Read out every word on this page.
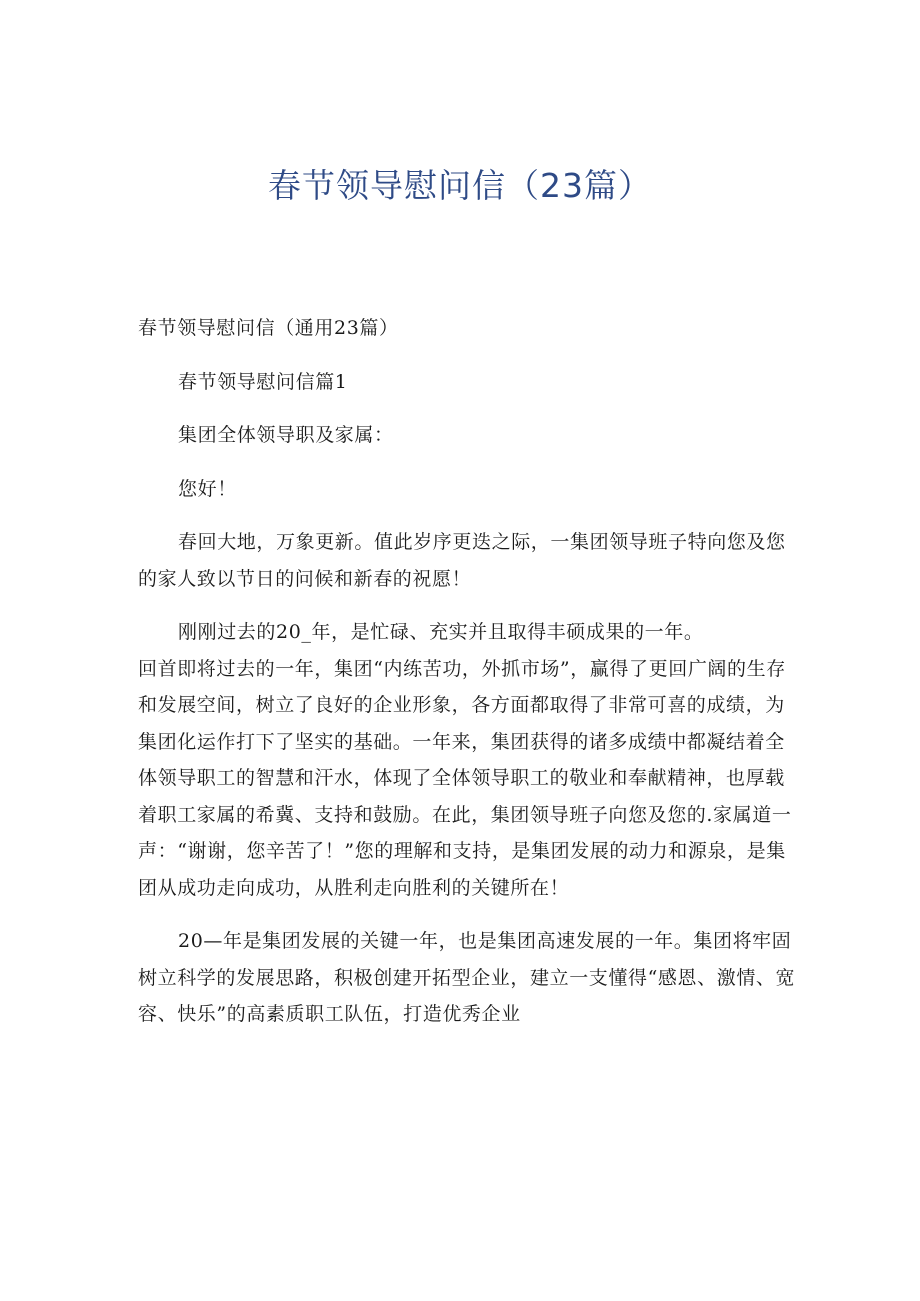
春节领导慰问信（23篇）

春节领导慰问信（通用23篇）

春节领导慰问信篇1

集团全体领导职及家属：

您好！

春回大地，万象更新。值此岁序更迭之际，一集团领导班子特向您及您的家人致以节日的问候和新春的祝愿！

刚刚过去的20_年，是忙碌、充实并且取得丰硕成果的一年。

回首即将过去的一年，集团“内练苦功，外抓市场”，赢得了更回广阔的生存和发展空间，树立了良好的企业形象，各方面都取得了非常可喜的成绩，为集团化运作打下了坚实的基础。一年来，集团获得的诸多成绩中都凝结着全体领导职工的智慧和汗水，体现了全体领导职工的敬业和奉献精神，也厚载着职工家属的希冀、支持和鼓励。在此，集团领导班子向您及您的.家属道一声：“谢谢，您辛苦了！”您的理解和支持，是集团发展的动力和源泉，是集团从成功走向成功，从胜利走向胜利的关键所在！

20—年是集团发展的关键一年，也是集团高速发展的一年。集团将牢固树立科学的发展思路，积极创建开拓型企业，建立一支懂得“感恩、激情、宽容、快乐”的高素质职工队伍，打造优秀企业
